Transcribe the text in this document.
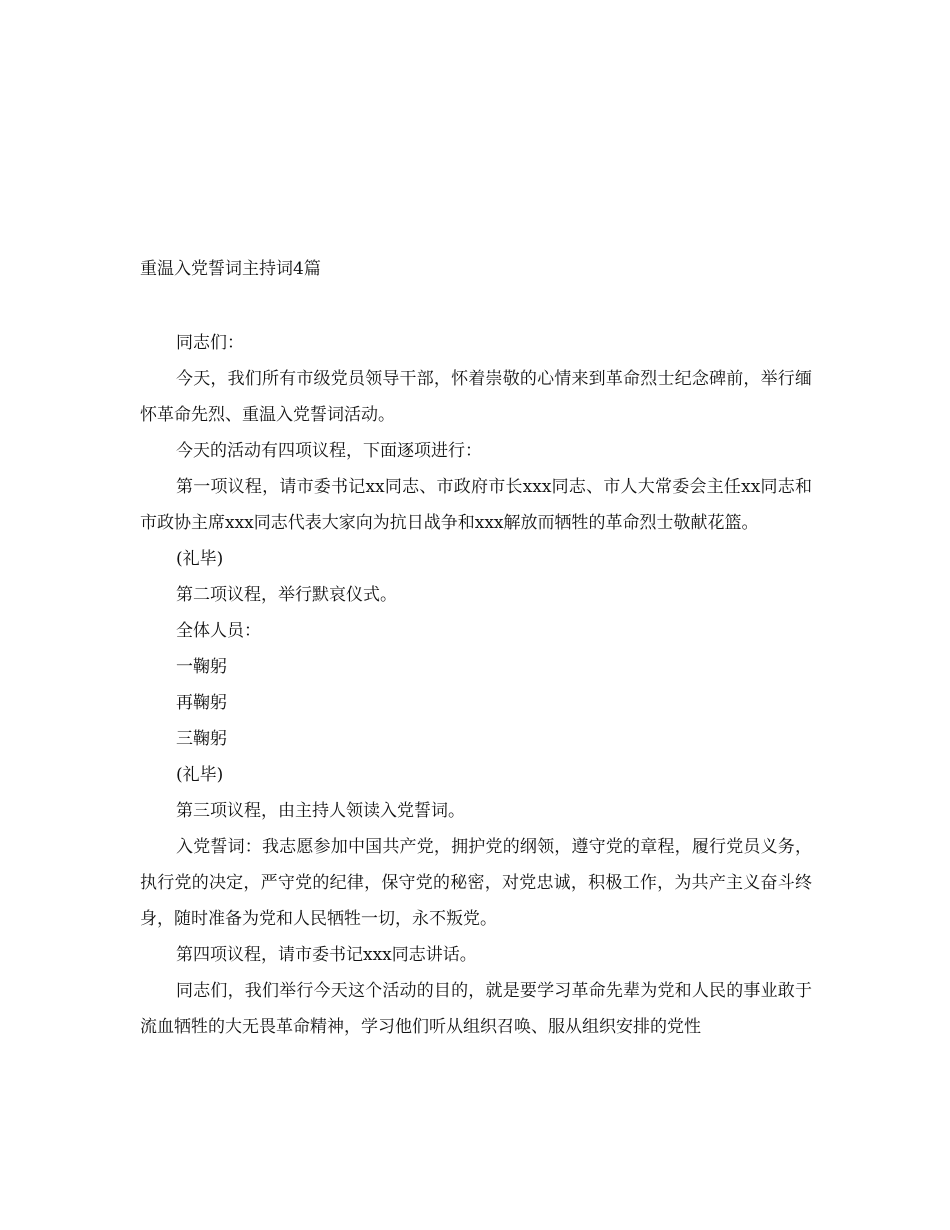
重温入党誓词主持词4篇

同志们：

今天，我们所有市级党员领导干部，怀着崇敬的心情来到革命烈士纪念碑前，举行缅怀革命先烈、重温入党誓词活动。

今天的活动有四项议程，下面逐项进行：

第一项议程，请市委书记xx同志、市政府市长xxx同志、市人大常委会主任xx同志和市政协主席xxx同志代表大家向为抗日战争和xxx解放而牺牲的革命烈士敬献花篮。

(礼毕)

第二项议程，举行默哀仪式。

全体人员：

一鞠躬

再鞠躬

三鞠躬

(礼毕)

第三项议程，由主持人领读入党誓词。

入党誓词：我志愿参加中国共产党，拥护党的纲领，遵守党的章程，履行党员义务，执行党的决定，严守党的纪律，保守党的秘密，对党忠诚，积极工作，为共产主义奋斗终身，随时准备为党和人民牺牲一切，永不叛党。

第四项议程，请市委书记xxx同志讲话。

同志们，我们举行今天这个活动的目的，就是要学习革命先辈为党和人民的事业敢于流血牺牲的大无畏革命精神，学习他们听从组织召唤、服从组织安排的党性
